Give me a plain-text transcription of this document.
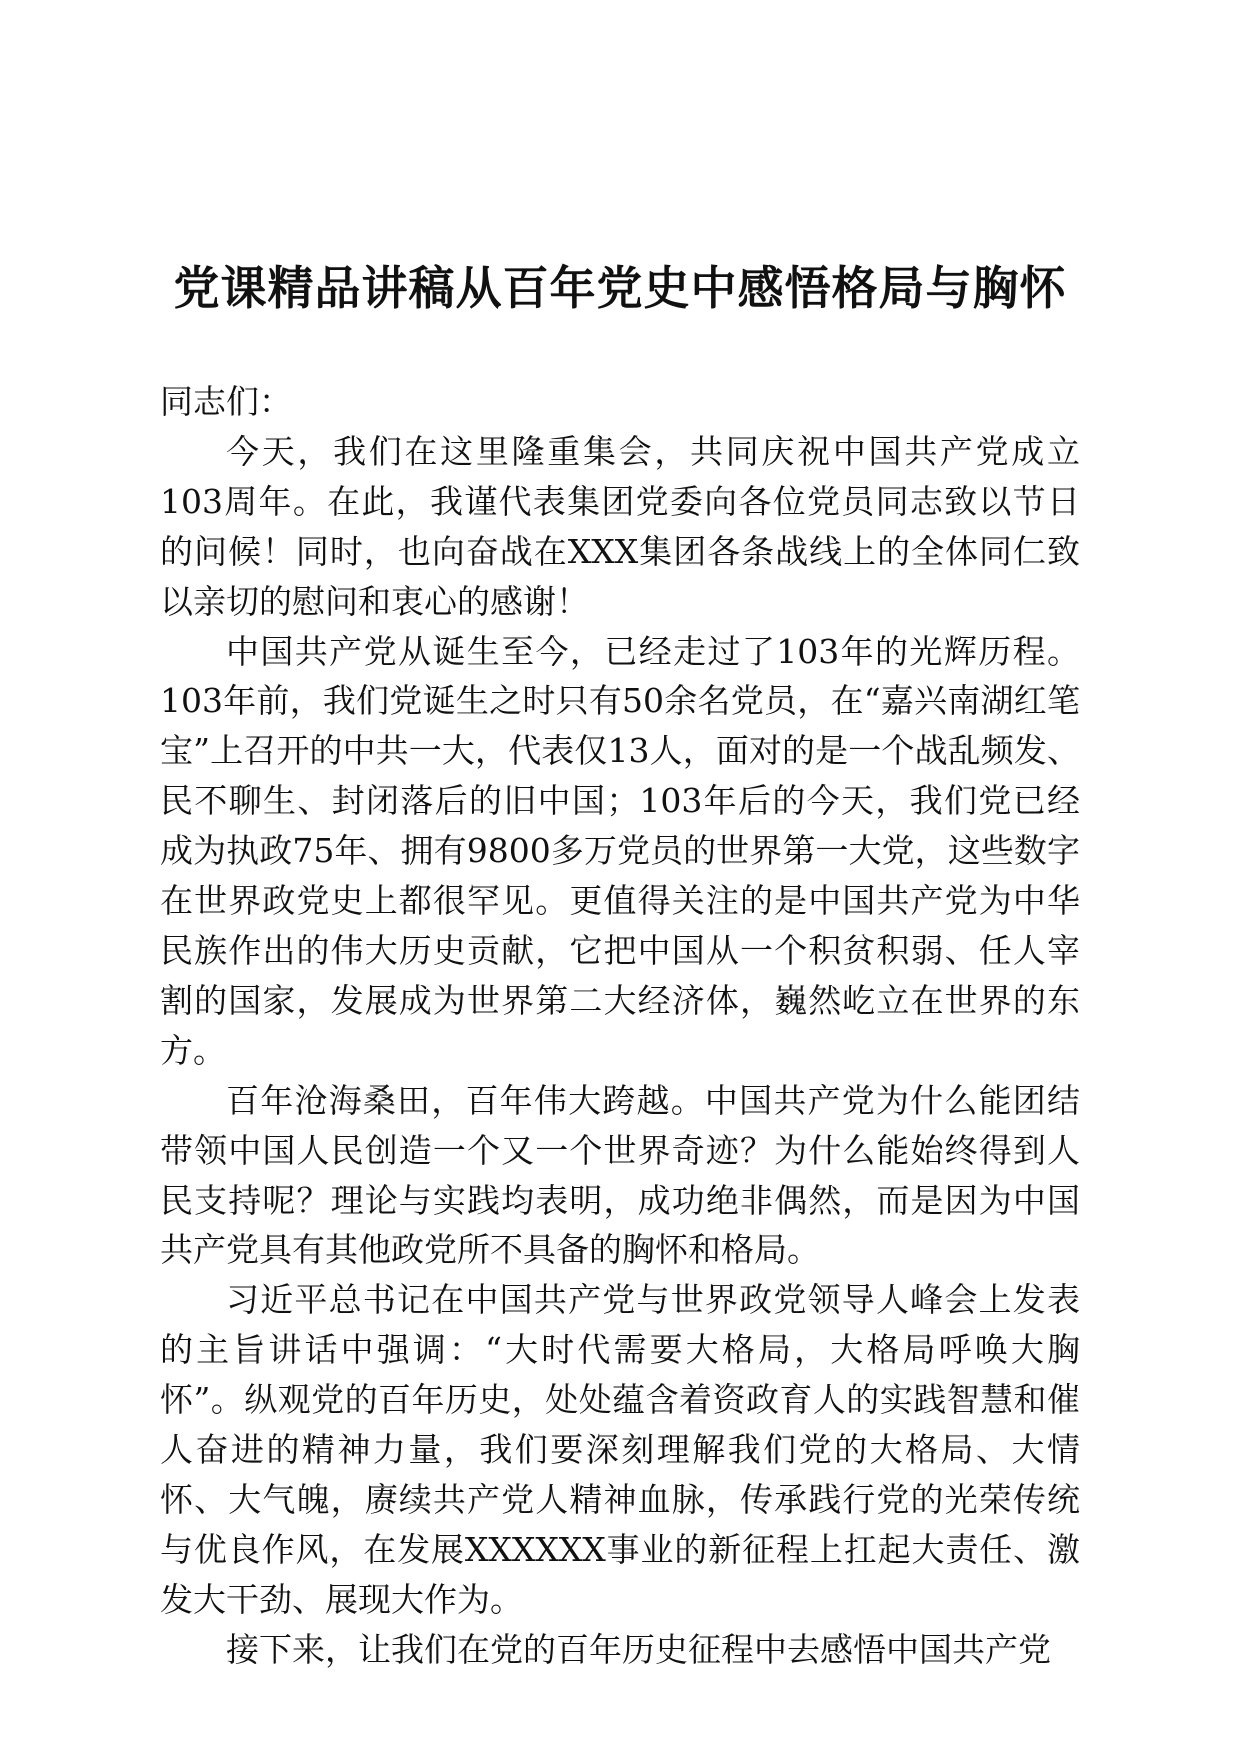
党课精品讲稿从百年党史中感悟格局与胸怀

同志们：

今天，我们在这里隆重集会，共同庆祝中国共产党成立103周年。在此，我谨代表集团党委向各位党员同志致以节日的问候！同时，也向奋战在XXX集团各条战线上的全体同仁致以亲切的慰问和衷心的感谢！

中国共产党从诞生至今，已经走过了103年的光辉历程。103年前，我们党诞生之时只有50余名党员，在“嘉兴南湖红笔宝”上召开的中共一大，代表仅13人，面对的是一个战乱频发、民不聊生、封闭落后的旧中国；103年后的今天，我们党已经成为执政75年、拥有9800多万党员的世界第一大党，这些数字在世界政党史上都很罕见。更值得关注的是中国共产党为中华民族作出的伟大历史贡献，它把中国从一个积贫积弱、任人宰割的国家，发展成为世界第二大经济体，巍然屹立在世界的东方。

百年沧海桑田，百年伟大跨越。中国共产党为什么能团结带领中国人民创造一个又一个世界奇迹？为什么能始终得到人民支持呢？理论与实践均表明，成功绝非偶然，而是因为中国共产党具有其他政党所不具备的胸怀和格局。

习近平总书记在中国共产党与世界政党领导人峰会上发表的主旨讲话中强调：“大时代需要大格局，大格局呼唤大胸怀”。纵观党的百年历史，处处蕴含着资政育人的实践智慧和催人奋进的精神力量，我们要深刻理解我们党的大格局、大情怀、大气魄，赓续共产党人精神血脉，传承践行党的光荣传统与优良作风，在发展XXXXXX事业的新征程上扛起大责任、激发大干劲、展现大作为。

接下来，让我们在党的百年历史征程中去感悟中国共产党
